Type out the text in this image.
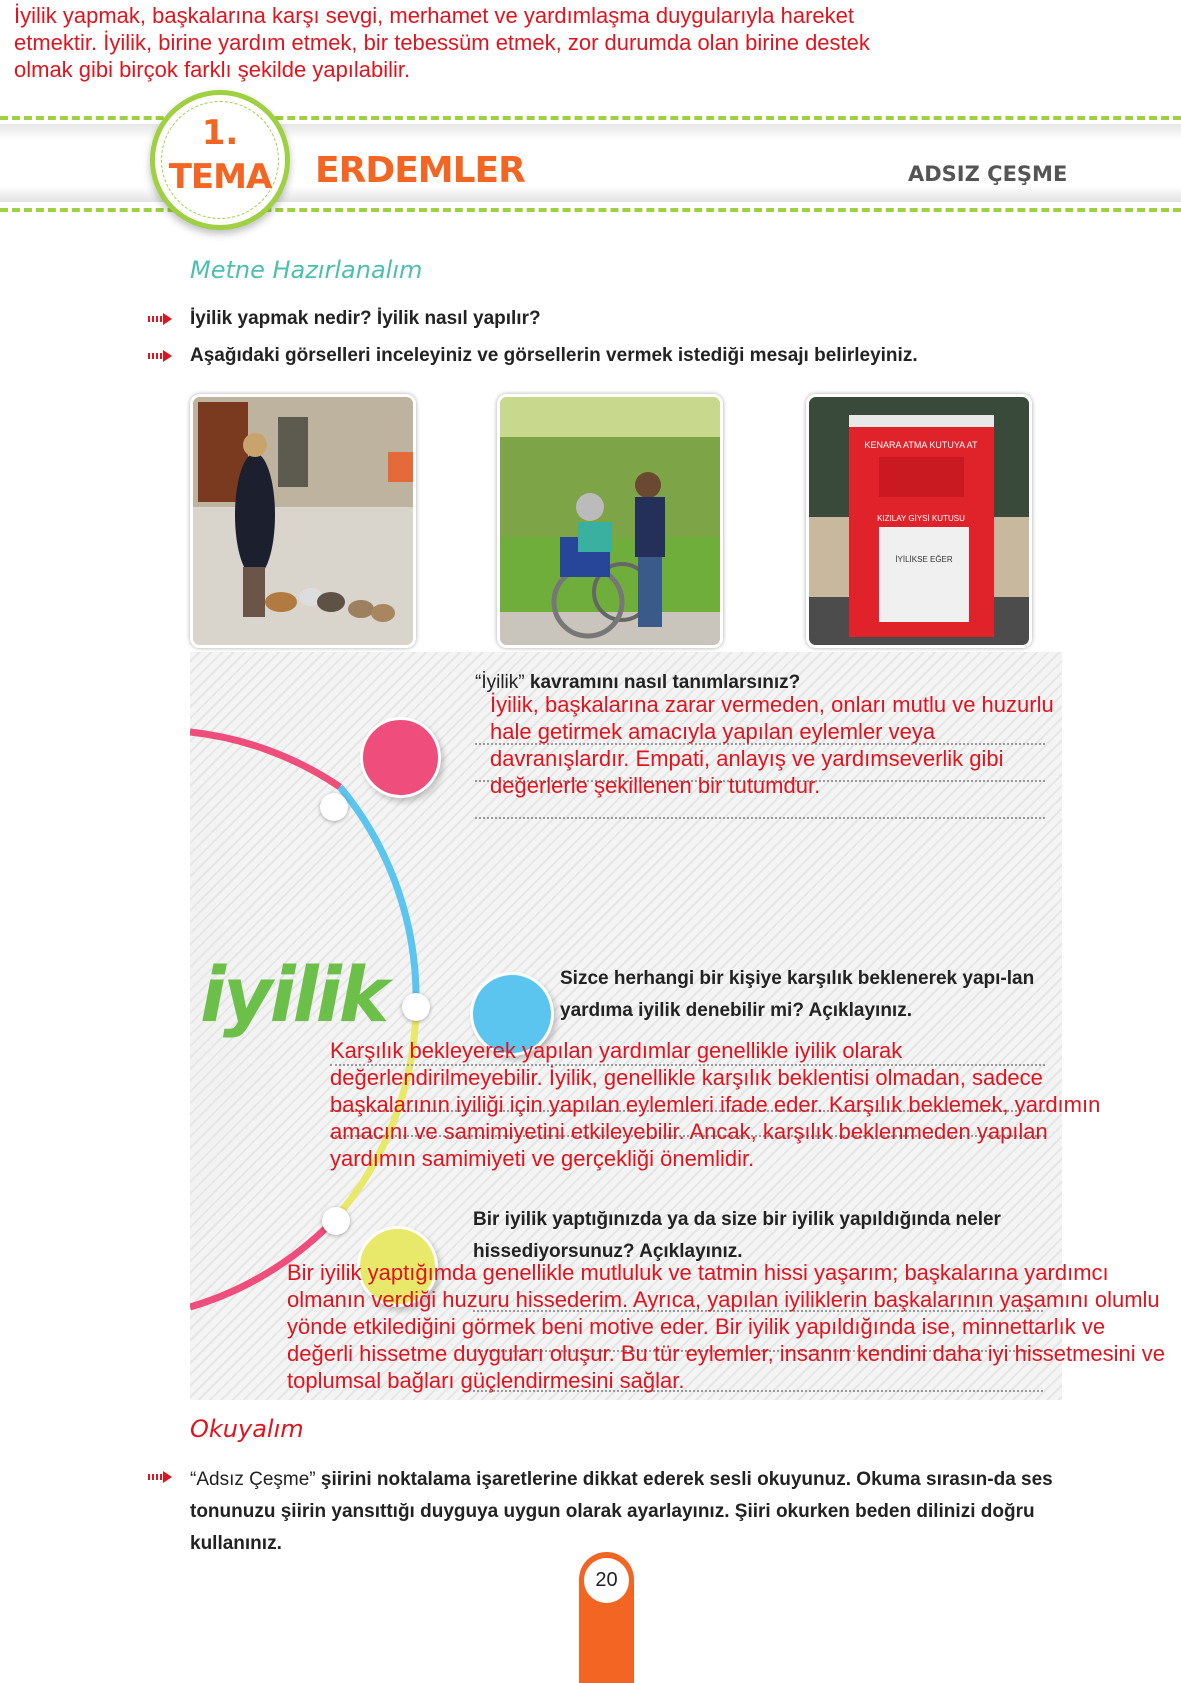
İyilik yapmak, başkalarına karşı sevgi, merhamet ve yardımlaşma duygularıyla hareket etmektir. İyilik, birine yardım etmek, bir tebessüm etmek, zor durumda olan birine destek olmak gibi birçok farklı şekilde yapılabilir.
1.
TEMA	ERDEMLER	ADSIZ ÇEŞME
Metne Hazırlanalım
İyilik yapmak nedir? İyilik nasıl yapılır?
Aşağıdaki görselleri inceleyiniz ve görsellerin vermek istediği mesajı belirleyiniz.
KENARA ATMA KUTUYA AT
KIZILAY GİYSİ KUTUSU
İYİLİKSE EĞER
iyilik
“İyilik” kavramını nasıl tanımlarsınız?
İyilik, başkalarına zarar vermeden, onları mutlu ve huzurlu hale getirmek amacıyla yapılan eylemler veya davranışlardır. Empati, anlayış ve yardımseverlik gibi değerlerle şekillenen bir tutumdur.
Sizce herhangi bir kişiye karşılık beklenerek yapı-lan yardıma iyilik denebilir mi? Açıklayınız.
Karşılık bekleyerek yapılan yardımlar genellikle iyilik olarak değerlendirilmeyebilir. İyilik, genellikle karşılık beklentisi olmadan, sadece başkalarının iyiliği için yapılan eylemleri ifade eder. Karşılık beklemek, yardımın amacını ve samimiyetini etkileyebilir. Ancak, karşılık beklenmeden yapılan yardımın samimiyeti ve gerçekliği önemlidir.
Bir iyilik yaptığınızda ya da size bir iyilik yapıldığında neler hissediyorsunuz? Açıklayınız.
Bir iyilik yaptığımda genellikle mutluluk ve tatmin hissi yaşarım; başkalarına yardımcı olmanın verdiği huzuru hissederim. Ayrıca, yapılan iyiliklerin başkalarının yaşamını olumlu yönde etkilediğini görmek beni motive eder. Bir iyilik yapıldığında ise, minnettarlık ve değerli hissetme duyguları oluşur. Bu tür eylemler, insanın kendini daha iyi hissetmesini ve toplumsal bağları güçlendirmesini sağlar.
Okuyalım
“Adsız Çeşme” şiirini noktalama işaretlerine dikkat ederek sesli okuyunuz. Okuma sırasın-da ses tonunuzu şiirin yansıttığı duyguya uygun olarak ayarlayınız. Şiiri okurken beden dilinizi doğru kullanınız.
20
